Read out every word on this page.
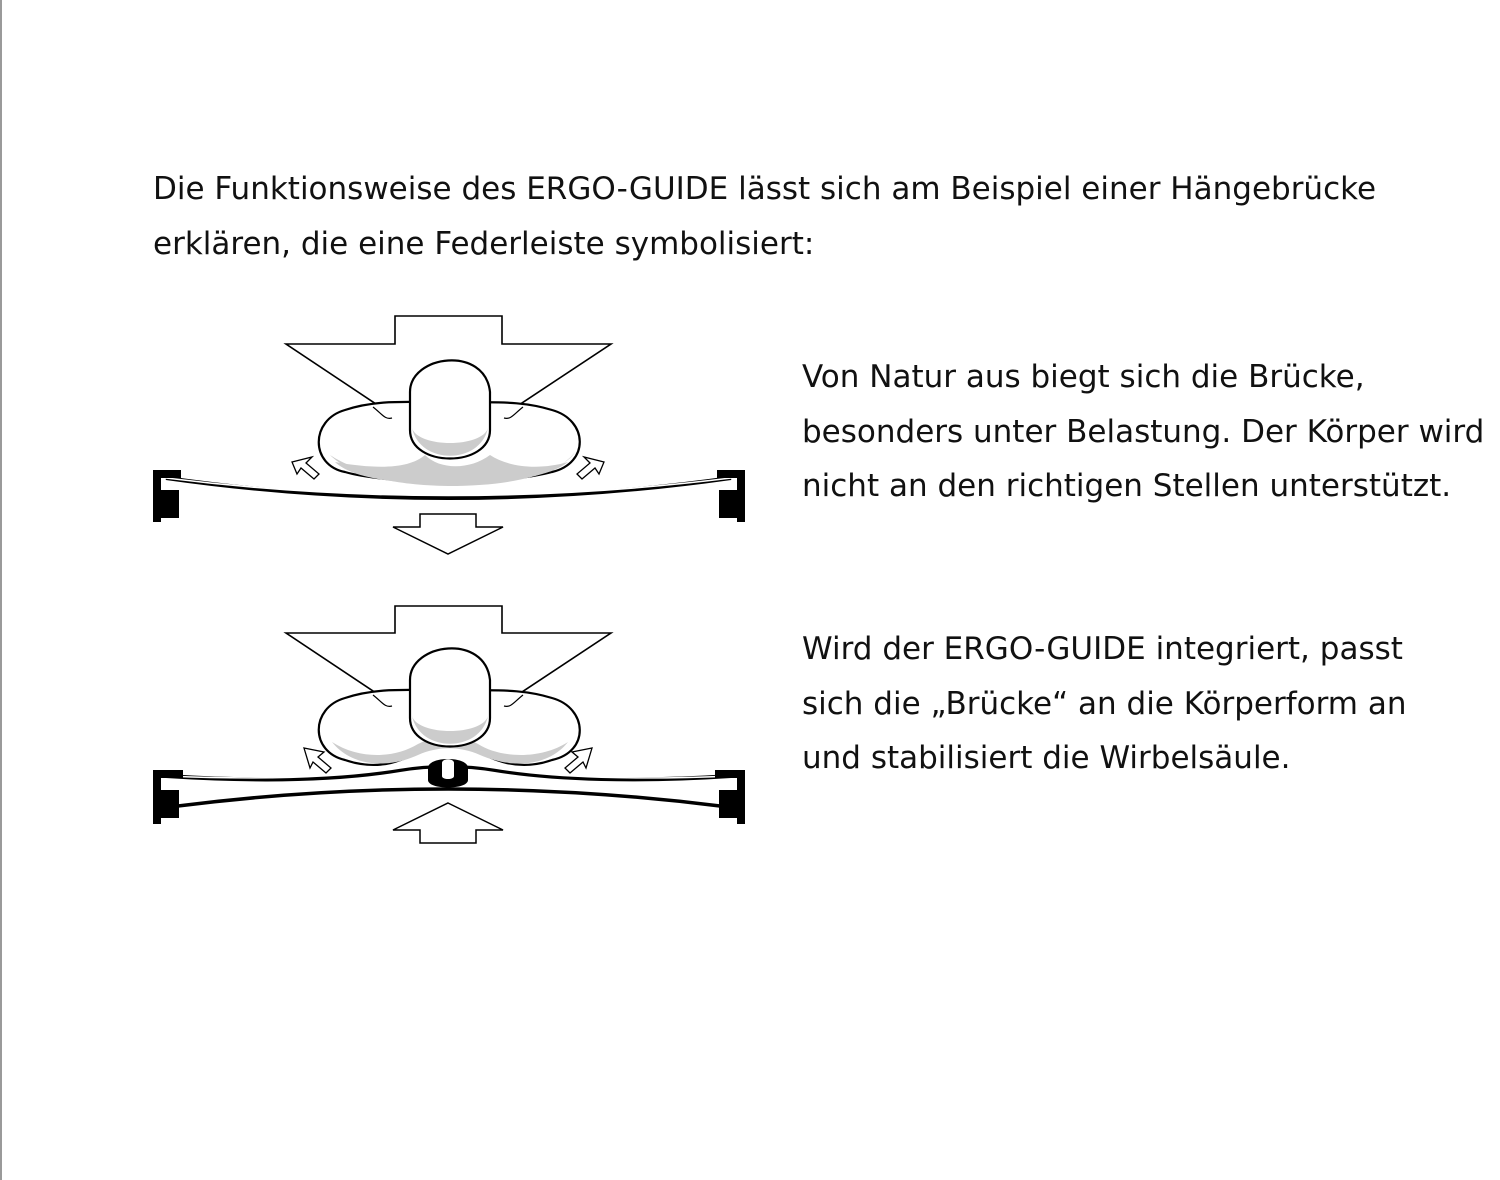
Die Funktionsweise des ERGO-GUIDE lässt sich am Beispiel einer Hängebrücke
erklären, die eine Federleiste symbolisiert:
Von Natur aus biegt sich die Brücke,
besonders unter Belastung. Der Körper wird
nicht an den richtigen Stellen unterstützt.
Wird der ERGO-GUIDE integriert, passt
sich die „Brücke“ an die Körperform an
und stabilisiert die Wirbelsäule.
